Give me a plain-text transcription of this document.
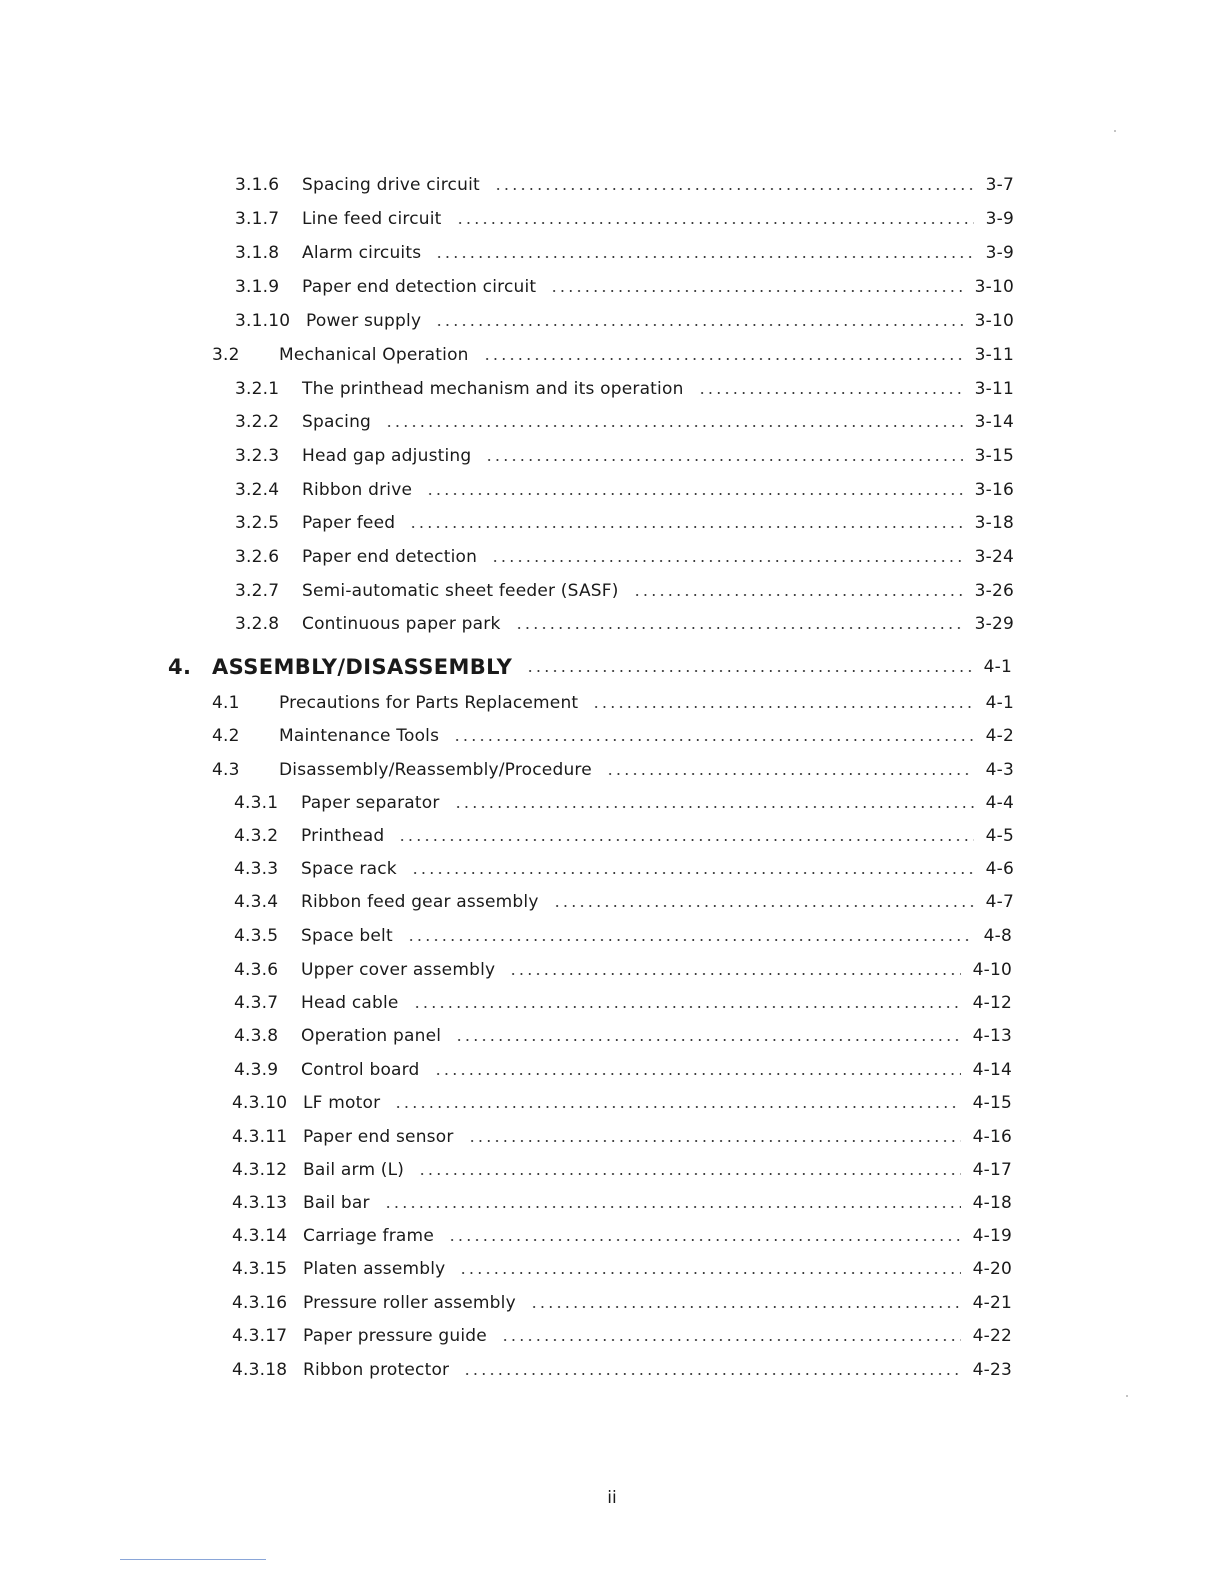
3.1.6	Spacing drive circuit	3-7
3.1.7	Line feed circuit	3-9
3.1.8	Alarm circuits	3-9
3.1.9	Paper end detection circuit	3-10
3.1.10 Power supply	3-10
3.2	Mechanical Operation	3-11
3.2.1	The printhead mechanism and its operation	3-11
3.2.2	Spacing	3-14
3.2.3	Head gap adjusting	3-15
3.2.4	Ribbon drive	3-16
3.2.5	Paper feed	3-18
3.2.6	Paper end detection	3-24
3.2.7	Semi-automatic sheet feeder (SASF)	3-26
3.2.8	Continuous paper park	3-29
4. ASSEMBLY/DISASSEMBLY	4-1
4.1	Precautions for Parts Replacement	4-1
4.2	Maintenance Tools	4-2
4.3	Disassembly/Reassembly/Procedure	4-3
4.3.1	Paper separator	4-4
4.3.2	Printhead	4-5
4.3.3	Space rack	4-6
4.3.4	Ribbon feed gear assembly	4-7
4.3.5	Space belt	4-8
4.3.6	Upper cover assembly	4-10
4.3.7	Head cable	4-12
4.3.8	Operation panel	4-13
4.3.9	Control board	4-14
4.3.10 LF motor	4-15
4.3.11 Paper end sensor	4-16
4.3.12 Bail arm (L)	4-17
4.3.13 Bail bar	4-18
4.3.14 Carriage frame	4-19
4.3.15 Platen assembly	4-20
4.3.16 Pressure roller assembly	4-21
4.3.17 Paper pressure guide	4-22
4.3.18 Ribbon protector	4-23
ii
